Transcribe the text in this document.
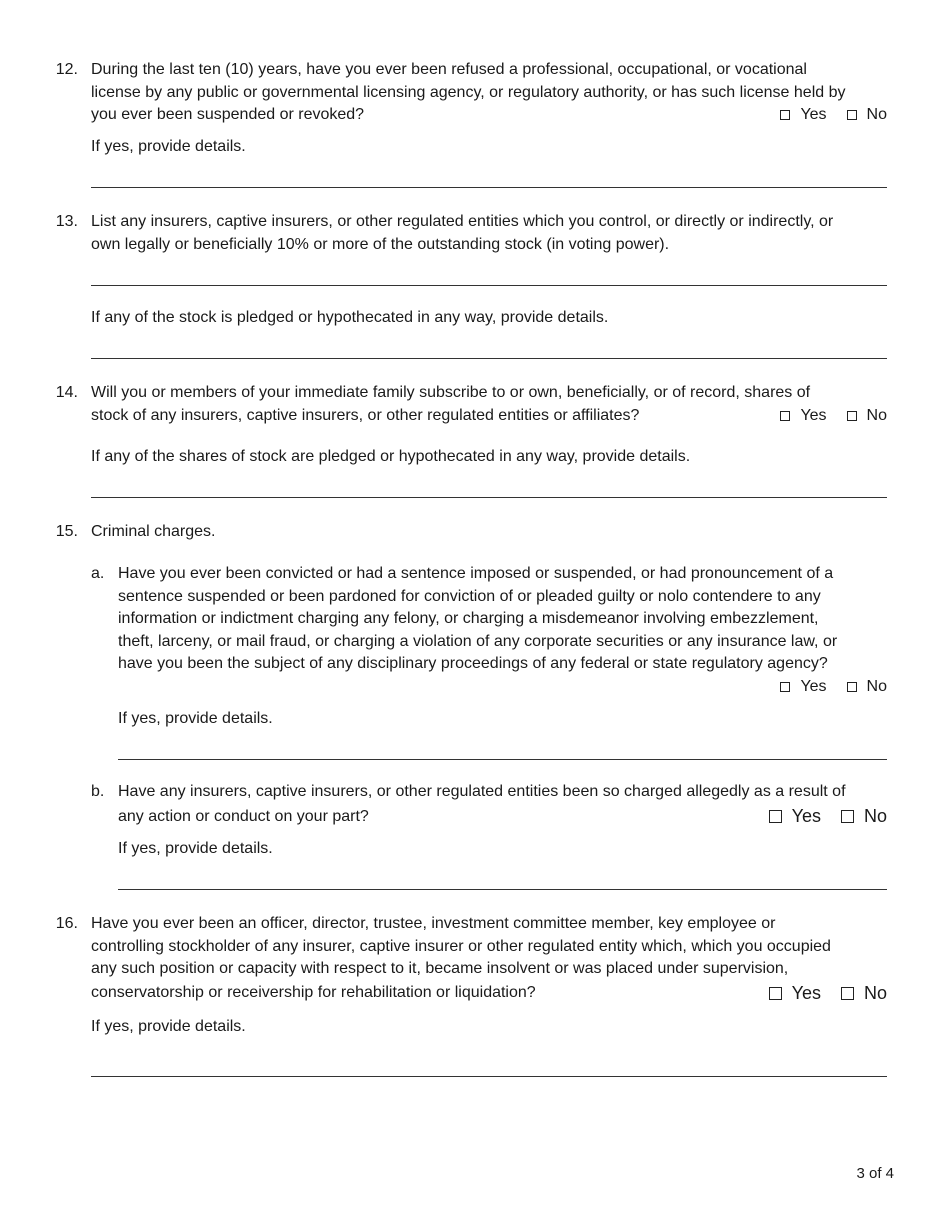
12. During the last ten (10) years, have you ever been refused a professional, occupational, or vocational
license by any public or governmental licensing agency, or regulatory authority, or has such license held by
you ever been suspended or revoked?	Yes	No
If yes, provide details.
13. List any insurers, captive insurers, or other regulated entities which you control, or directly or indirectly, or
own legally or beneficially 10% or more of the outstanding stock (in voting power).
If any of the stock is pledged or hypothecated in any way, provide details.
14. Will you or members of your immediate family subscribe to or own, beneficially, or of record, shares of
stock of any insurers, captive insurers, or other regulated entities or affiliates?	Yes	No
If any of the shares of stock are pledged or hypothecated in any way, provide details.
15. Criminal charges.
a. Have you ever been convicted or had a sentence imposed or suspended, or had pronouncement of a
sentence suspended or been pardoned for conviction of or pleaded guilty or nolo contendere to any
information or indictment charging any felony, or charging a misdemeanor involving embezzlement,
theft, larceny, or mail fraud, or charging a violation of any corporate securities or any insurance law, or
have you been the subject of any disciplinary proceedings of any federal or state regulatory agency?
Yes	No
If yes, provide details.
b. Have any insurers, captive insurers, or other regulated entities been so charged allegedly as a result of
any action or conduct on your part?	Yes No
If yes, provide details.
16. Have you ever been an officer, director, trustee, investment committee member, key employee or
controlling stockholder of any insurer, captive insurer or other regulated entity which, which you occupied
any such position or capacity with respect to it, became insolvent or was placed under supervision,
conservatorship or receivership for rehabilitation or liquidation?	Yes No
If yes, provide details.
3 of 4
